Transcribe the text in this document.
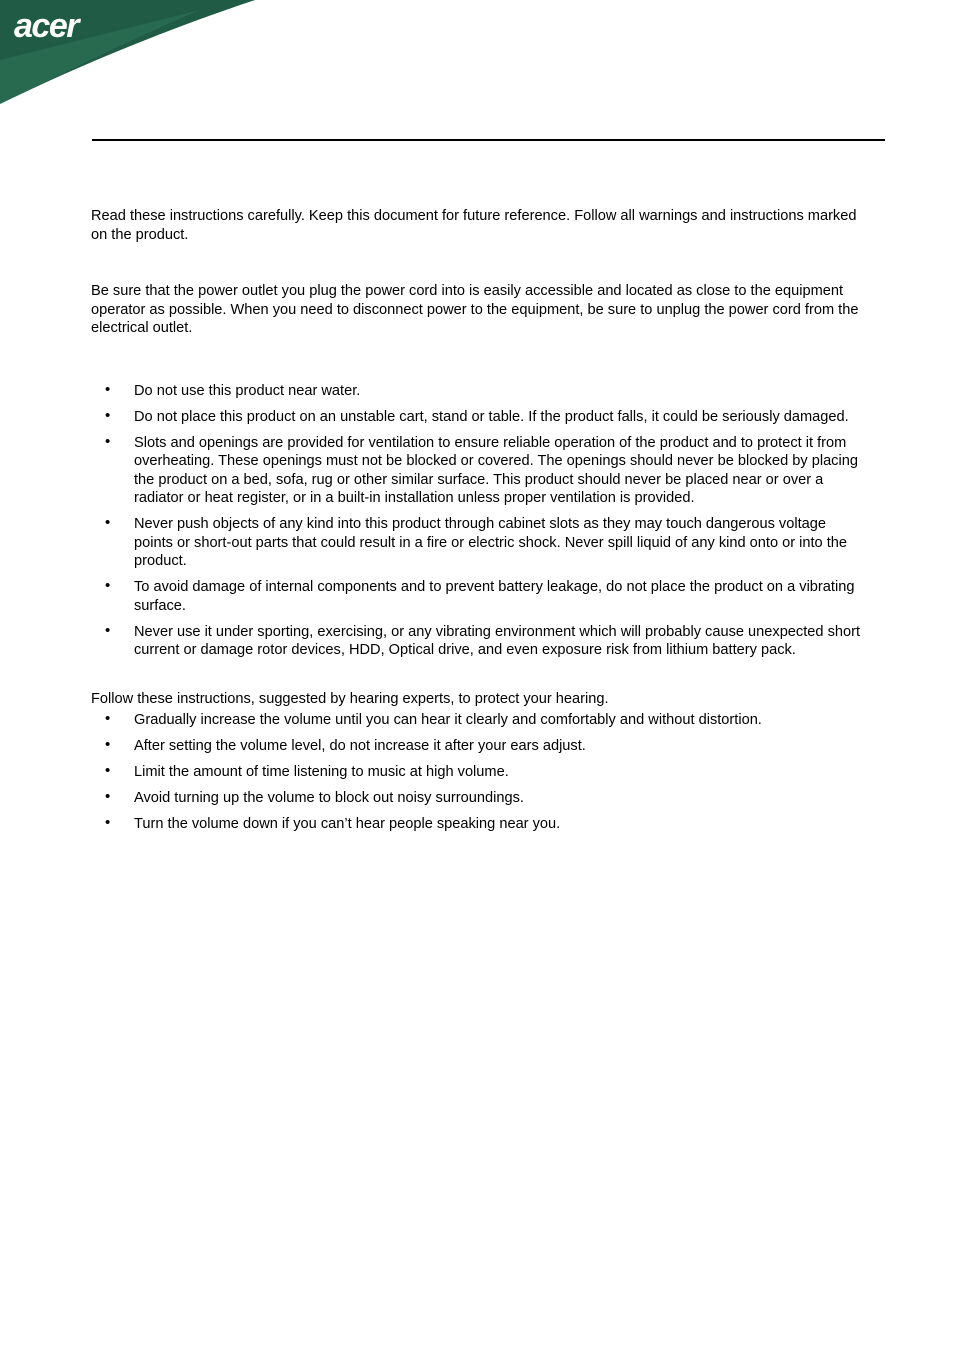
acer

Read these instructions carefully. Keep this document for future reference. Follow all warnings and instructions marked on the product.

Be sure that the power outlet you plug the power cord into is easily accessible and located as close to the equipment operator as possible. When you need to disconnect power to the equipment, be sure to unplug the power cord from the electrical outlet.

• Do not use this product near water.
• Do not place this product on an unstable cart, stand or table. If the product falls, it could be seriously damaged.
• Slots and openings are provided for ventilation to ensure reliable operation of the product and to protect it from overheating. These openings must not be blocked or covered. The openings should never be blocked by placing the product on a bed, sofa, rug or other similar surface. This product should never be placed near or over a radiator or heat register, or in a built-in installation unless proper ventilation is provided.
• Never push objects of any kind into this product through cabinet slots as they may touch dangerous voltage points or short-out parts that could result in a fire or electric shock. Never spill liquid of any kind onto or into the product.
• To avoid damage of internal components and to prevent battery leakage, do not place the product on a vibrating surface.
• Never use it under sporting, exercising, or any vibrating environment which will probably cause unexpected short current or damage rotor devices, HDD, Optical drive, and even exposure risk from lithium battery pack.

Follow these instructions, suggested by hearing experts, to protect your hearing.

• Gradually increase the volume until you can hear it clearly and comfortably and without distortion.
• After setting the volume level, do not increase it after your ears adjust.
• Limit the amount of time listening to music at high volume.
• Avoid turning up the volume to block out noisy surroundings.
• Turn the volume down if you can’t hear people speaking near you.
